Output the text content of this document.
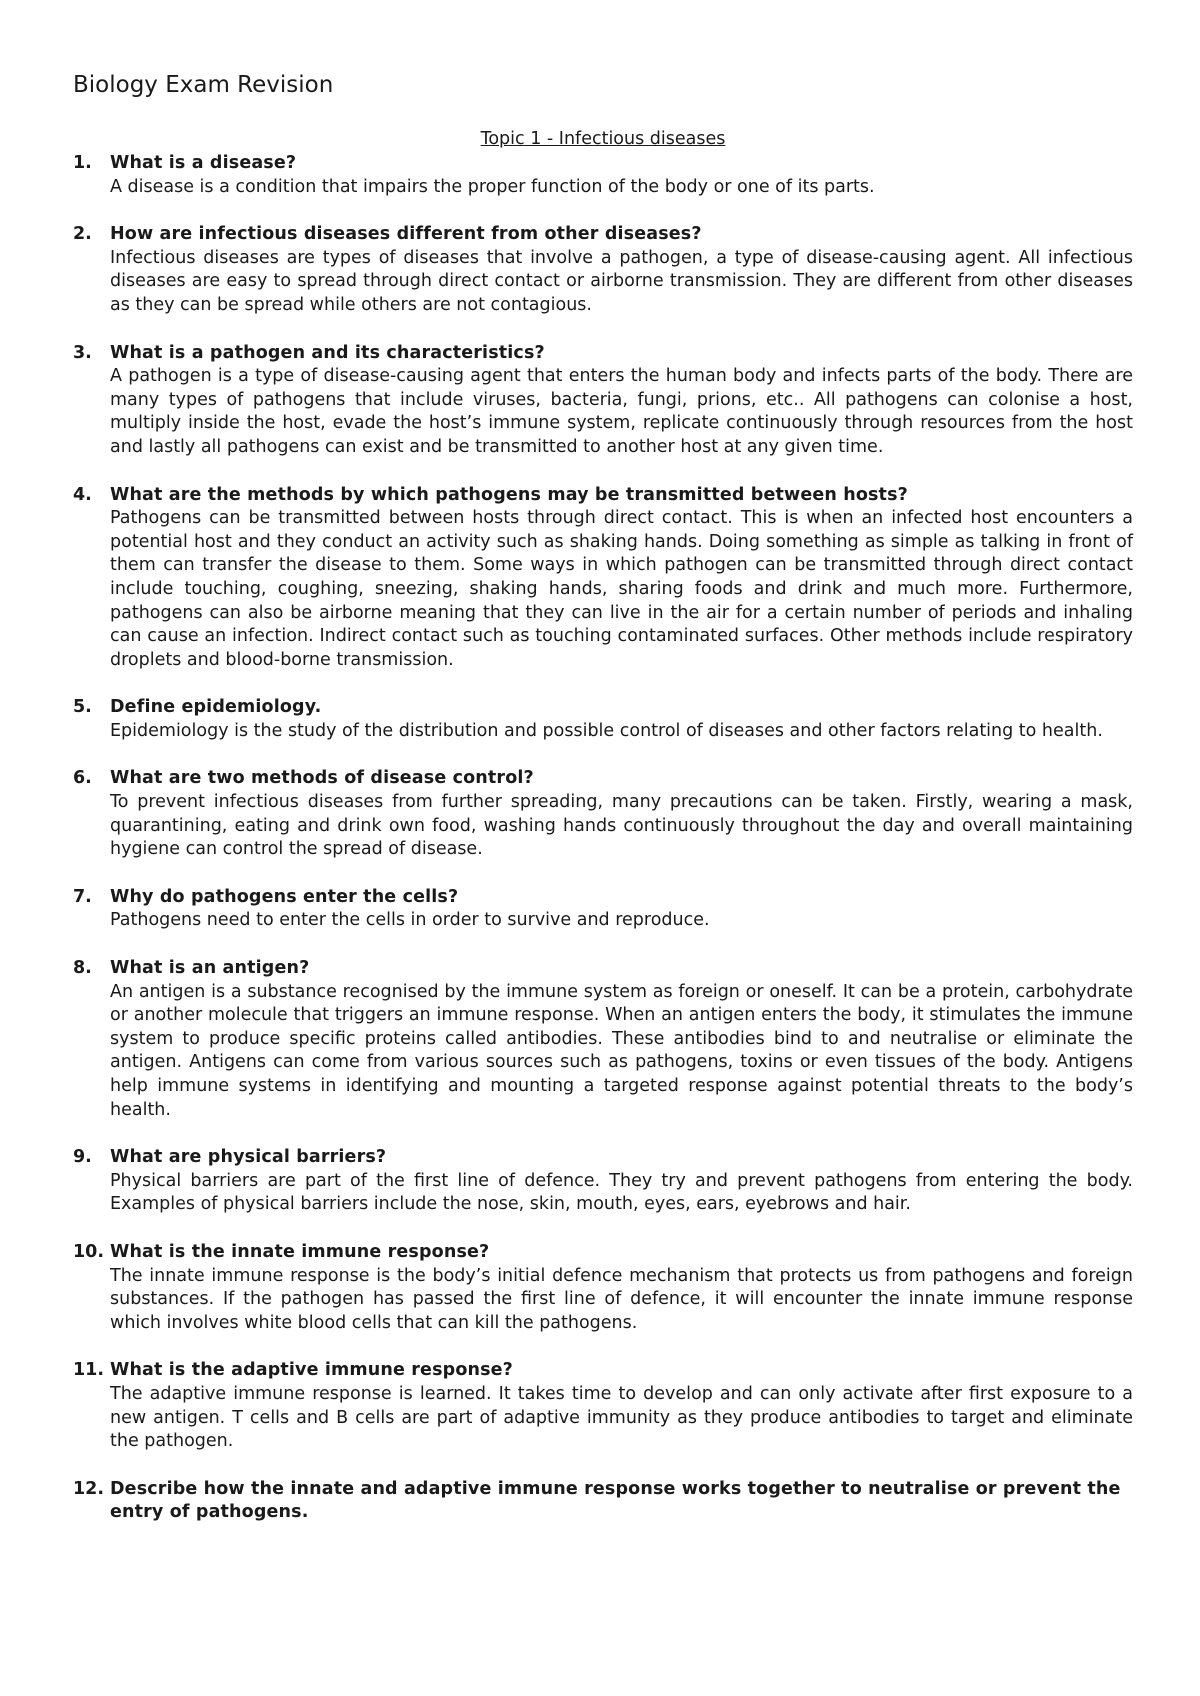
Biology Exam Revision
Topic 1 - Infectious diseases
1. What is a disease?
A disease is a condition that impairs the proper function of the body or one of its parts.
2. How are infectious diseases different from other diseases?
Infectious diseases are types of diseases that involve a pathogen, a type of disease-causing agent. All infectious diseases are easy to spread through direct contact or airborne transmission. They are different from other diseases as they can be spread while others are not contagious.
3. What is a pathogen and its characteristics?
A pathogen is a type of disease-causing agent that enters the human body and infects parts of the body. There are many types of pathogens that include viruses, bacteria, fungi, prions, etc.. All pathogens can colonise a host, multiply inside the host, evade the host’s immune system, replicate continuously through resources from the host and lastly all pathogens can exist and be transmitted to another host at any given time.
4. What are the methods by which pathogens may be transmitted between hosts?
Pathogens can be transmitted between hosts through direct contact. This is when an infected host encounters a potential host and they conduct an activity such as shaking hands. Doing something as simple as talking in front of them can transfer the disease to them. Some ways in which pathogen can be transmitted through direct contact include touching, coughing, sneezing, shaking hands, sharing foods and drink and much more. Furthermore, pathogens can also be airborne meaning that they can live in the air for a certain number of periods and inhaling can cause an infection. Indirect contact such as touching contaminated surfaces. Other methods include respiratory droplets and blood-borne transmission.
5. Define epidemiology.
Epidemiology is the study of the distribution and possible control of diseases and other factors relating to health.
6. What are two methods of disease control?
To prevent infectious diseases from further spreading, many precautions can be taken. Firstly, wearing a mask, quarantining, eating and drink own food, washing hands continuously throughout the day and overall maintaining hygiene can control the spread of disease.
7. Why do pathogens enter the cells?
Pathogens need to enter the cells in order to survive and reproduce.
8. What is an antigen?
An antigen is a substance recognised by the immune system as foreign or oneself. It can be a protein, carbohydrate or another molecule that triggers an immune response. When an antigen enters the body, it stimulates the immune system to produce specific proteins called antibodies. These antibodies bind to and neutralise or eliminate the antigen. Antigens can come from various sources such as pathogens, toxins or even tissues of the body. Antigens help immune systems in identifying and mounting a targeted response against potential threats to the body’s health.
9. What are physical barriers?
Physical barriers are part of the first line of defence. They try and prevent pathogens from entering the body. Examples of physical barriers include the nose, skin, mouth, eyes, ears, eyebrows and hair.
10. What is the innate immune response?
The innate immune response is the body’s initial defence mechanism that protects us from pathogens and foreign substances. If the pathogen has passed the first line of defence, it will encounter the innate immune response which involves white blood cells that can kill the pathogens.
11. What is the adaptive immune response?
The adaptive immune response is learned. It takes time to develop and can only activate after first exposure to a new antigen. T cells and B cells are part of adaptive immunity as they produce antibodies to target and eliminate the pathogen.
12. Describe how the innate and adaptive immune response works together to neutralise or prevent the entry of pathogens.
